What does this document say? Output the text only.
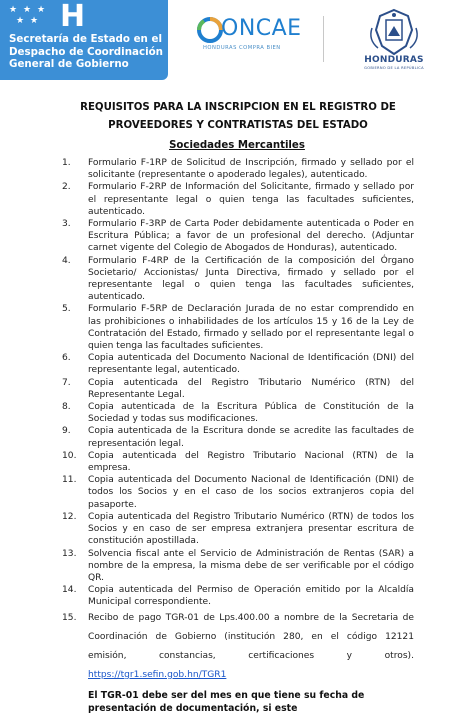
★ ★ ★
★ ★ H
Secretaría de Estado en el
Despacho de Coordinación
General de Gobierno
ONCAE
HONDURAS COMPRA BIEN
HONDURAS
GOBIERNO DE LA REPÚBLICA
REQUISITOS PARA LA INSCRIPCION EN EL REGISTRO DE PROVEEDORES Y CONTRATISTAS DEL ESTADO
Sociedades Mercantiles
1.	Formulario F-1RP de Solicitud de Inscripción, firmado y sellado por el solicitante (representante o apoderado legales), autenticado.
2.	Formulario F-2RP de Información del Solicitante, firmado y sellado por el representante legal o quien tenga las facultades suficientes, autenticado.
3.	Formulario F-3RP de Carta Poder debidamente autenticada o Poder en Escritura Pública; a favor de un profesional del derecho. (Adjuntar carnet vigente del Colegio de Abogados de Honduras), autenticado.
4.	Formulario F-4RP de la Certificación de la composición del Órgano Societario/ Accionistas/ Junta Directiva, firmado y sellado por el representante legal o quien tenga las facultades suficientes, autenticado.
5.	Formulario F-5RP de Declaración Jurada de no estar comprendido en las prohibiciones o inhabilidades de los artículos 15 y 16 de la Ley de Contratación del Estado, firmado y sellado por el representante legal o quien tenga las facultades suficientes.
6.	Copia autenticada del Documento Nacional de Identificación (DNI) del representante legal, autenticado.
7.	Copia autenticada del Registro Tributario Numérico (RTN) del Representante Legal.
8.	Copia autenticada de la Escritura Pública de Constitución de la Sociedad y todas sus modificaciones.
9.	Copia autenticada de la Escritura donde se acredite las facultades de representación legal.
10.	Copia autenticada del Registro Tributario Nacional (RTN) de la empresa.
11.	Copia autenticada del Documento Nacional de Identificación (DNI) de todos los Socios y en el caso de los socios extranjeros copia del pasaporte.
12.	Copia autenticada del Registro Tributario Numérico (RTN) de todos los Socios y en caso de ser empresa extranjera presentar escritura de constitución apostillada.
13.	Solvencia fiscal ante el Servicio de Administración de Rentas (SAR) a nombre de la empresa, la misma debe de ser verificable por el código QR.
14.	Copia autenticada del Permiso de Operación emitido por la Alcaldía Municipal correspondiente.
15.	Recibo de pago TGR-01 de Lps.400.00 a nombre de la Secretaria de Coordinación de Gobierno (institución 280, en el código 12121 emisión, constancias, certificaciones y otros). https://tgr1.sefin.gob.hn/TGR1
El TGR-01 debe ser del mes en que tiene su fecha de presentación de documentación, si este
